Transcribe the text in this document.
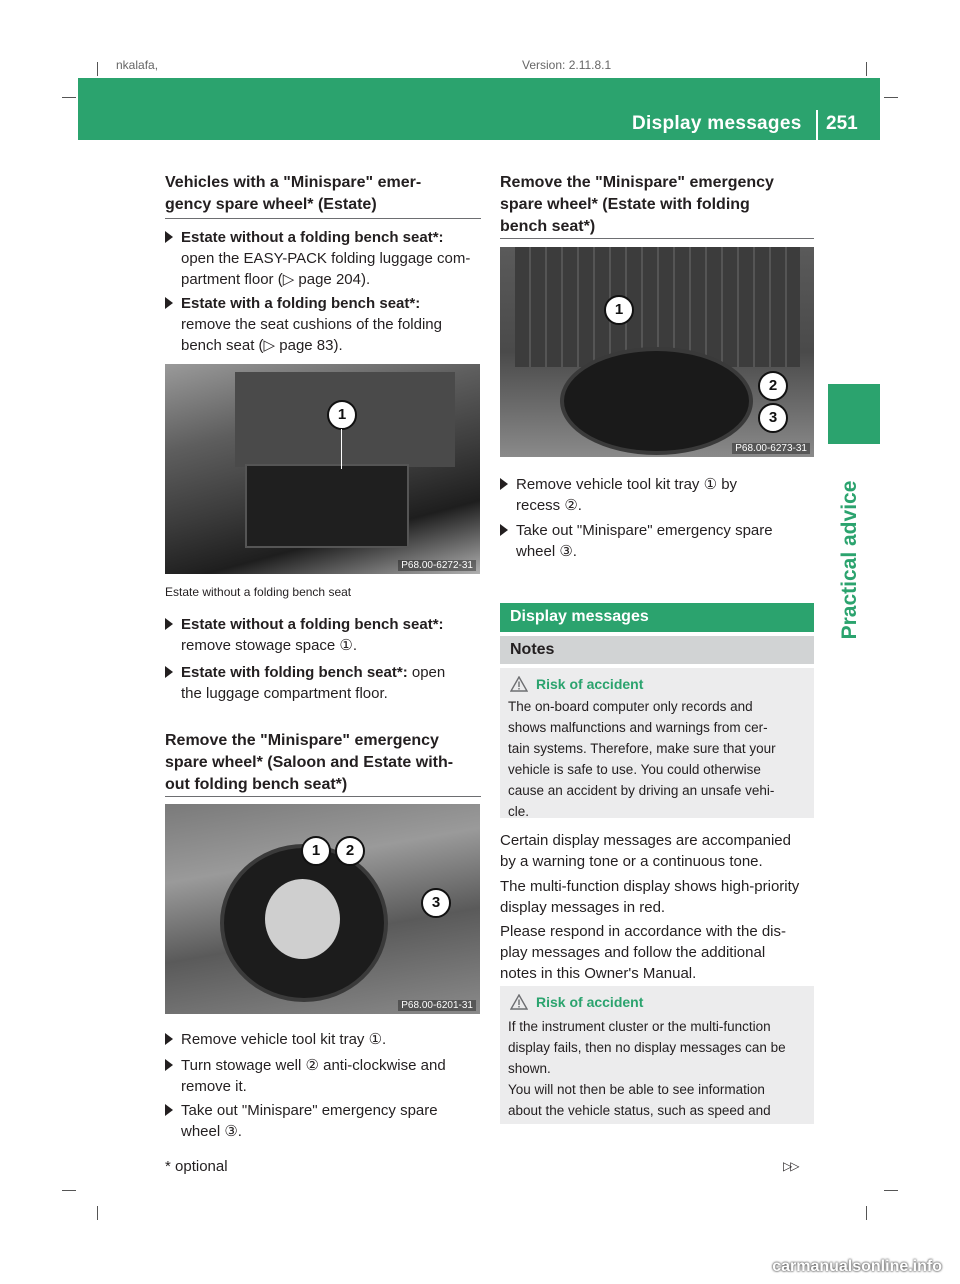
nkalafa,	Version: 2.11.8.1
Display messages 251
Practical advice
Vehicles with a "Minispare" emer-
gency spare wheel* (Estate)
Estate without a folding bench seat*:
open the EASY-PACK folding luggage com-
partment floor (▷ page 204).
Estate with a folding bench seat*:
remove the seat cushions of the folding
bench seat (▷ page 83).
1
P68.00-6272-31
Estate without a folding bench seat
Estate without a folding bench seat*:
remove stowage space ①.
Estate with folding bench seat*: open
the luggage compartment floor.
Remove the "Minispare" emergency
spare wheel* (Saloon and Estate with-
out folding bench seat*)
1	2
3
P68.00-6201-31
Remove vehicle tool kit tray ①.
Turn stowage well ② anti-clockwise and
remove it.
Take out "Minispare" emergency spare
wheel ③.
Remove the "Minispare" emergency
spare wheel* (Estate with folding
bench seat*)
1
2
3
P68.00-6273-31
Remove vehicle tool kit tray ① by
recess ②.
Take out "Minispare" emergency spare
wheel ③.
Display messages
Notes
Risk of accident
The on-board computer only records and
shows malfunctions and warnings from cer-
tain systems. Therefore, make sure that your
vehicle is safe to use. You could otherwise
cause an accident by driving an unsafe vehi-
cle.
Certain display messages are accompanied
by a warning tone or a continuous tone.
The multi-function display shows high-priority
display messages in red.
Please respond in accordance with the dis-
play messages and follow the additional
notes in this Owner's Manual.
Risk of accident
If the instrument cluster or the multi-function
display fails, then no display messages can be
shown.
You will not then be able to see information
about the vehicle status, such as speed and
* optional	▷▷
carmanualsonline.info
